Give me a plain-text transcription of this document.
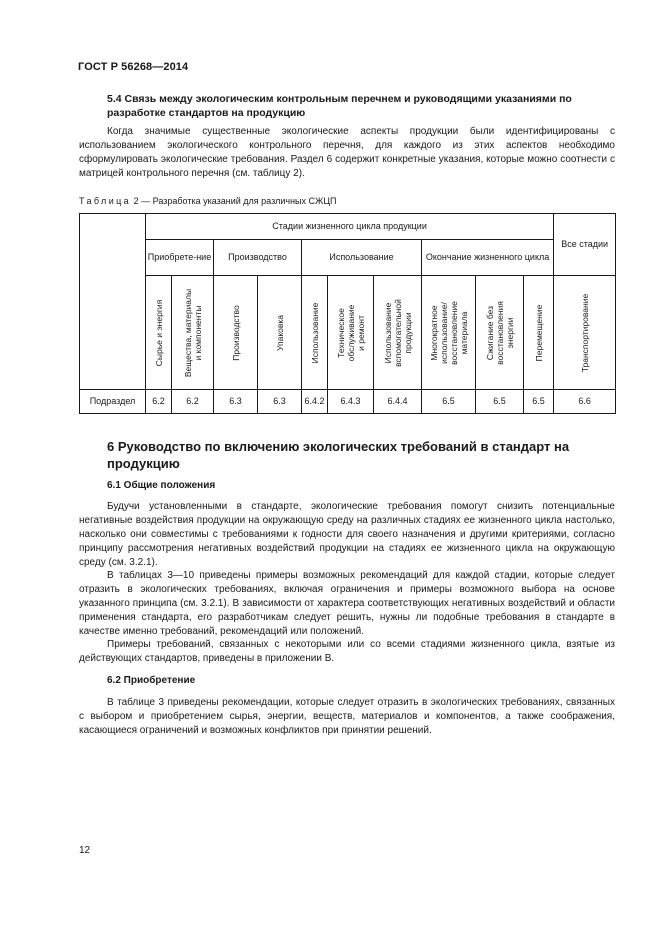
ГОСТ Р 56268—2014
5.4 Связь между экологическим контрольным перечнем и руководящими указаниями по разработке стандартов на продукцию

Когда значимые существенные экологические аспекты продукции были идентифицированы с использованием экологического контрольного перечня, для каждого из этих аспектов необходимо сформулировать экологические требования. Раздел 6 содержит конкретные указания, которые можно соотнести с матрицей контрольного перечня (см. таблицу 2).

Таблица 2 — Разработка указаний для различных СЖЦП
	Стадии жизненного цикла продукции										Все стадии
	Приобрете-ние		Производство		Использование			Окончание жизненного цикла			

	Сырье и энергия	Вещества, материалы
и компоненты	Производство	Упаковка	Использование	Техническое
обслуживание
и ремонт	Использование
вспомогательной
продукции	Многократное
использование/
восстановление
материала	Сжигание без
восстановления
энергии	Перемещение	Транспортирование

Подраздел	6.2	6.2	6.3	6.3	6.4.2	6.4.3	6.4.4	6.5	6.5	6.5	6.6
6 Руководство по включению экологических требований в стандарт на продукцию
6.1 Общие положения

Будучи установленными в стандарте, экологические требования помогут снизить потенциальные негативные воздействия продукции на окружающую среду на различных стадиях ее жизненного цикла настолько, насколько они совместимы с требованиями к годности для своего назначения и другими критериями, согласно принципу рассмотрения негативных воздействий продукции на стадиях ее жизненного цикла на окружающую среду (см. 3.2.1).

В таблицах 3—10 приведены примеры возможных рекомендаций для каждой стадии, которые следует отразить в экологических требованиях, включая ограничения и примеры возможного выбора на основе указанного принципа (см. 3.2.1). В зависимости от характера соответствующих негативных воздействий и области применения стандарта, его разработчикам следует решить, нужны ли подобные требования в стандарте в качестве именно требований, рекомендаций или положений.

Примеры требований, связанных с некоторыми или со всеми стадиями жизненного цикла, взятые из действующих стандартов, приведены в приложении В.

6.2 Приобретение

В таблице 3 приведены рекомендации, которые следует отразить в экологических требованиях, связанных с выбором и приобретением сырья, энергии, веществ, материалов и компонентов, а также соображения, касающиеся ограничений и возможных конфликтов при принятии решений.

12
